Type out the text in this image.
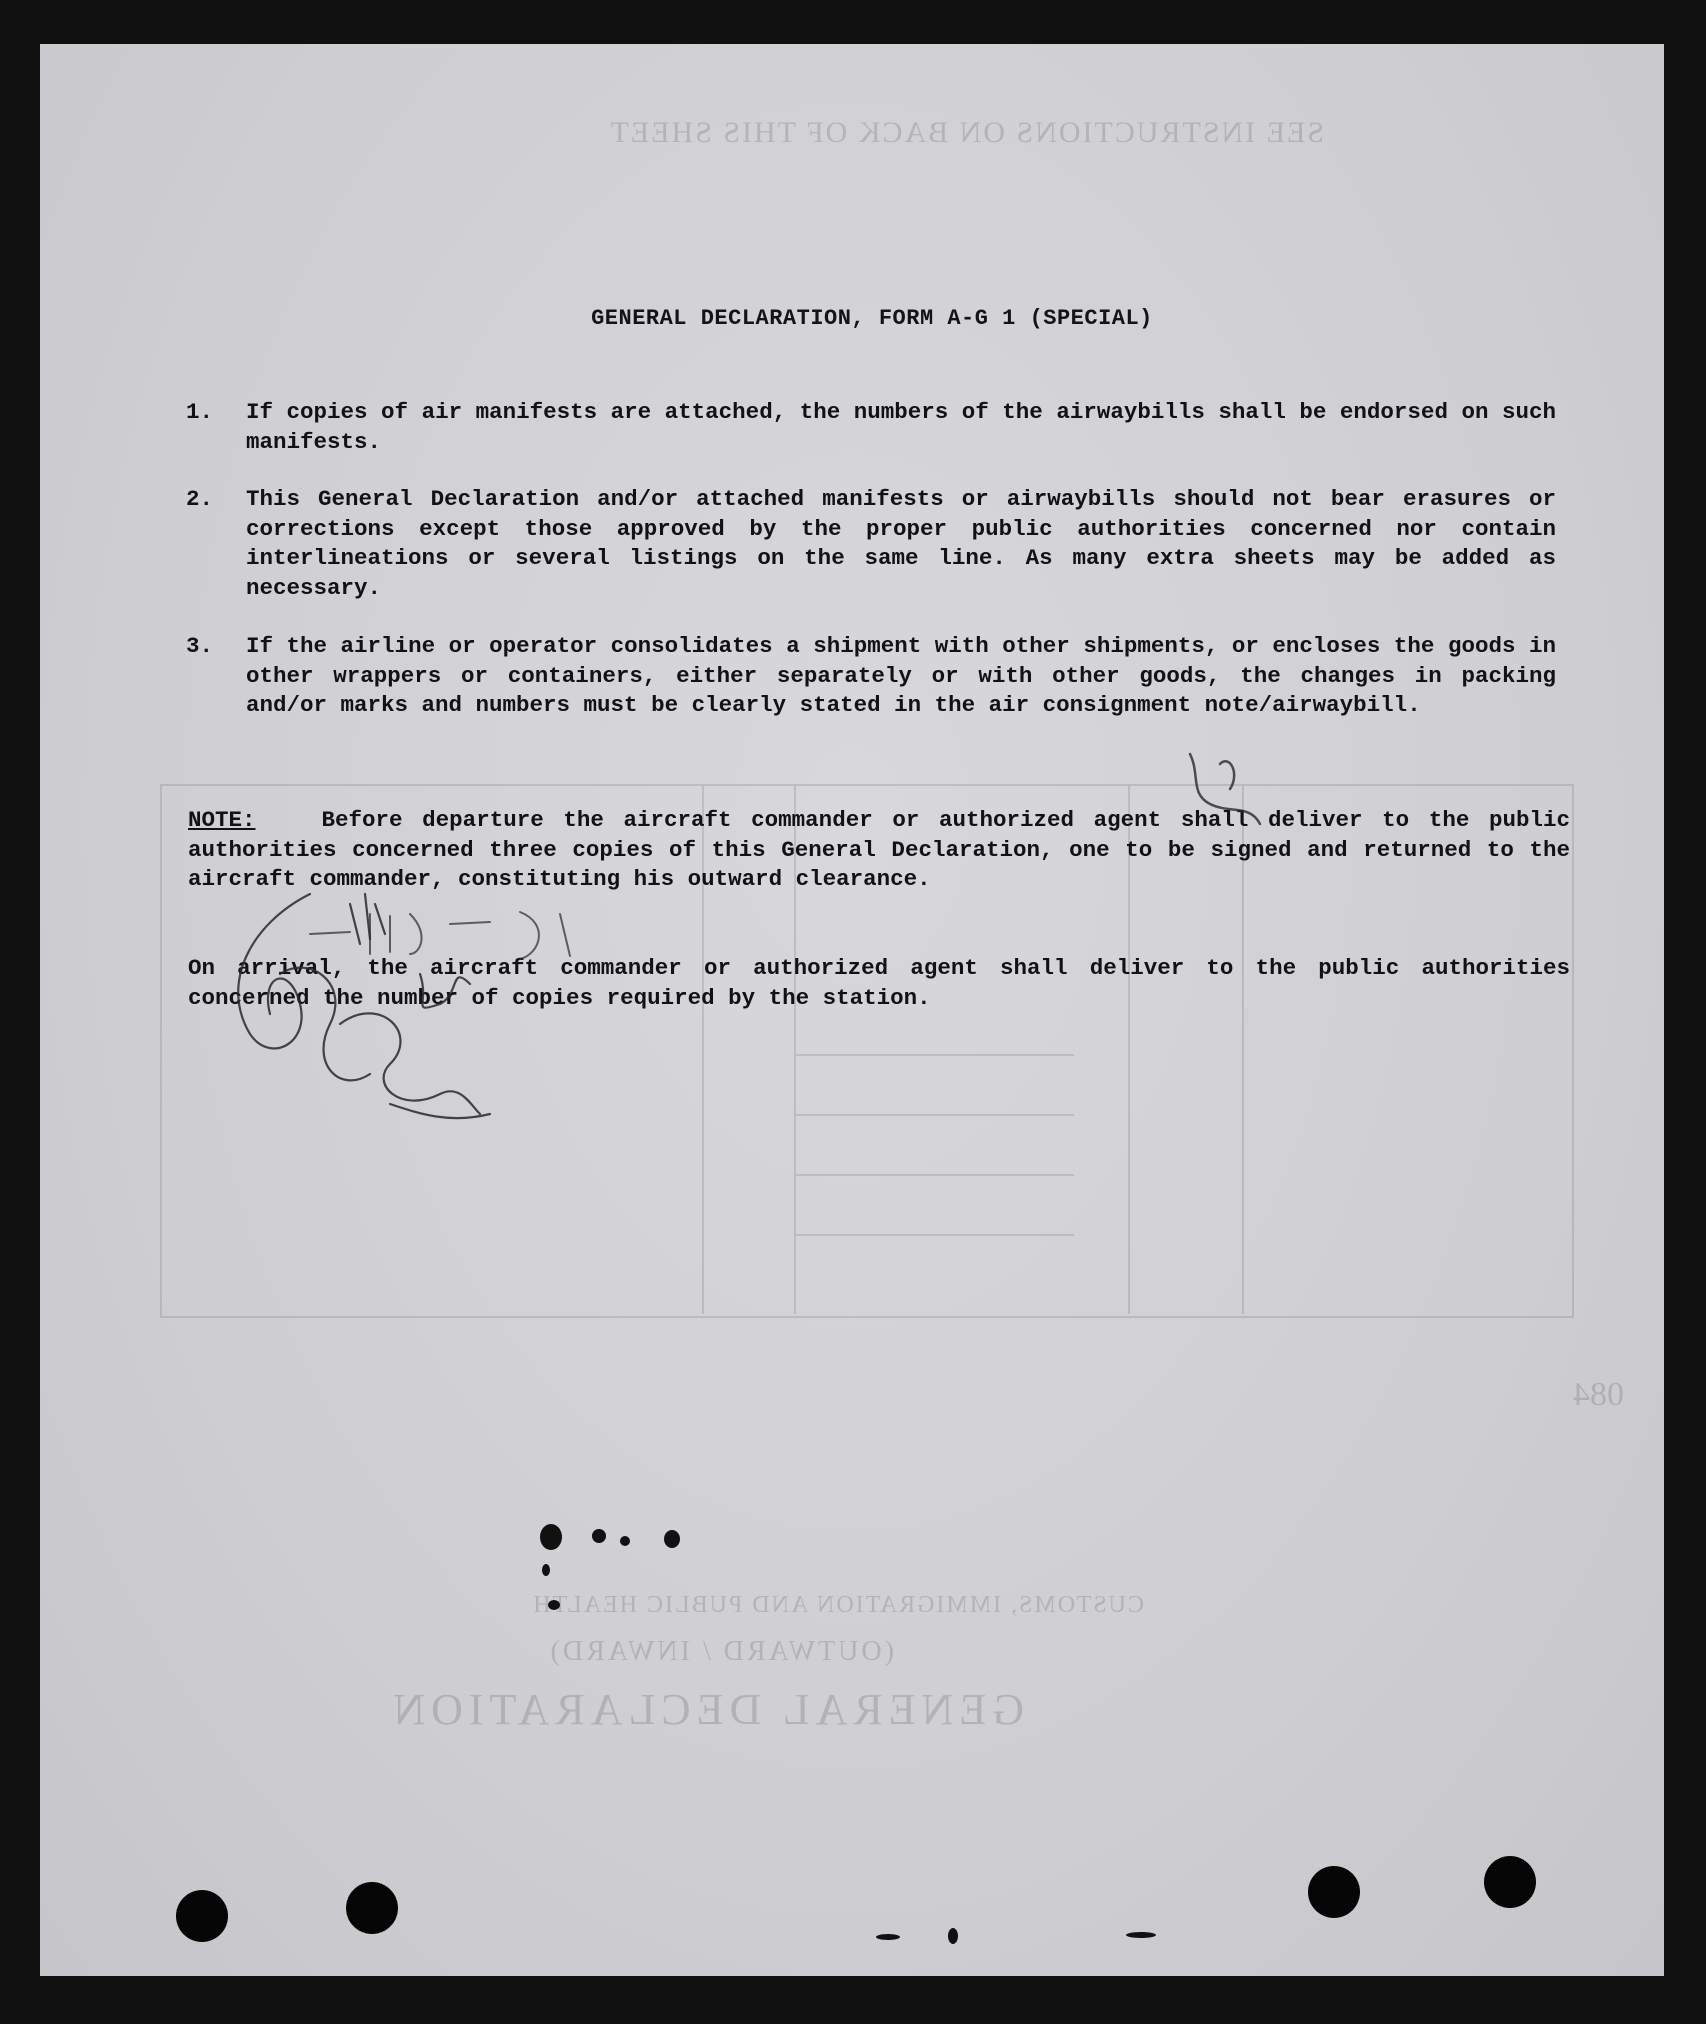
SEE INSTRUCTIONS ON BACK OF THIS SHEET
GENERAL DECLARATION
(OUTWARD / INWARD)
CUSTOMS, IMMIGRATION AND PUBLIC HEALTH
084
GENERAL DECLARATION, FORM A-G 1 (SPECIAL)
1.	If copies of air manifests are attached, the numbers of the airwaybills shall be endorsed on such manifests.
2.	This General Declaration and/or attached manifests or airwaybills should not bear erasures or corrections except those approved by the proper public authorities concerned nor contain interlineations or several listings on the same line. As many extra sheets may be added as necessary.
3.	If the airline or operator consolidates a shipment with other shipments, or encloses the goods in other wrappers or containers, either separately or with other goods, the changes in packing and/or marks and numbers must be clearly stated in the air consignment note/airwaybill.
NOTE:	Before departure the aircraft commander or authorized agent shall deliver to the public authorities concerned three copies of this General Declaration, one to be signed and returned to the aircraft commander, constituting his outward clearance.
On arrival, the aircraft commander or authorized agent shall deliver to the public authorities concerned the number of copies required by the station.
